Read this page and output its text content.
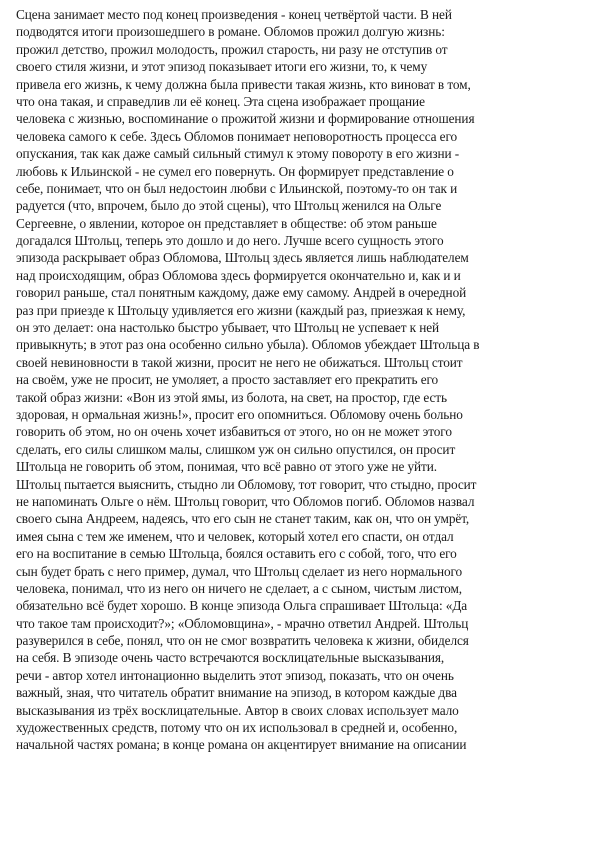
Сцена занимает место под конец произведения - конец четвёртой части. В ней
подводятся итоги произошедшего в романе. Обломов прожил долгую жизнь:
прожил детство, прожил молодость, прожил старость, ни разу не отступив от
своего стиля жизни, и этот эпизод показывает итоги его жизни, то, к чему
привела его жизнь, к чему должна была привести такая жизнь, кто виноват в том,
что она такая, и справедлив ли её конец. Эта сцена изображает прощание
человека с жизнью, воспоминание о прожитой жизни и формирование отношения
человека самого к себе. Здесь Обломов понимает неповоротность процесса его
опускания, так как даже самый сильный стимул к этому повороту в его жизни -
любовь к Ильинской - не сумел его повернуть. Он формирует представление о
себе, понимает, что он был недостоин любви с Ильинской, поэтому-то он так и
радуется (что, впрочем, было до этой сцены), что Штольц женился на Ольге
Сергеевне, о явлении, которое он представляет в обществе: об этом раньше
догадался Штольц, теперь это дошло и до него. Лучше всего сущность этого
эпизода раскрывает образ Обломова, Штольц здесь является лишь наблюдателем
над происходящим, образ Обломова здесь формируется окончательно и, как и и
говорил раньше, стал понятным каждому, даже ему самому. Андрей в очередной
раз при приезде к Штольцу удивляется его жизни (каждый раз, приезжая к нему,
он это делает: она настолько быстро убывает, что Штольц не успевает к ней
привыкнуть; в этот раз она особенно сильно убыла). Обломов убеждает Штольца в
своей невиновности в такой жизни, просит не него не обижаться. Штольц стоит
на своём, уже не просит, не умоляет, а просто заставляет его прекратить его
такой образ жизни: «Вон из этой ямы, из болота, на свет, на простор, где есть
здоровая, н ормальная жизнь!», просит его опомниться. Обломову очень больно
говорить об этом, но он очень хочет избавиться от этого, но он не может этого
сделать, его силы слишком малы, слишком уж он сильно опустился, он просит
Штольца не говорить об этом, понимая, что всё равно от этого уже не уйти.
Штольц пытается выяснить, стыдно ли Обломову, тот говорит, что стыдно, просит
не напоминать Ольге о нём. Штольц говорит, что Обломов погиб. Обломов назвал
своего сына Андреем, надеясь, что его сын не станет таким, как он, что он умрёт,
имея сына с тем же именем, что и человек, который хотел его спасти, он отдал
его на воспитание в семью Штольца, боялся оставить его с собой, того, что его
сын будет брать с него пример, думал, что Штольц сделает из него нормального
человека, понимал, что из него он ничего не сделает, а с сыном, чистым листом,
обязательно всё будет хорошо. В конце эпизода Ольга спрашивает Штольца: «Да
что такое там происходит?»; «Обломовщина», - мрачно ответил Андрей. Штольц
разуверился в себе, понял, что он не смог возвратить человека к жизни, обиделся
на себя. В эпизоде очень часто встречаются восклицательные высказывания,
речи - автор хотел интонационно выделить этот эпизод, показать, что он очень
важный, зная, что читатель обратит внимание на эпизод, в котором каждые два
высказывания из трёх восклицательные. Автор в своих словах использует мало
художественных средств, потому что он их использовал в средней и, особенно,
начальной частях романа; в конце романа он акцентирует внимание на описании
